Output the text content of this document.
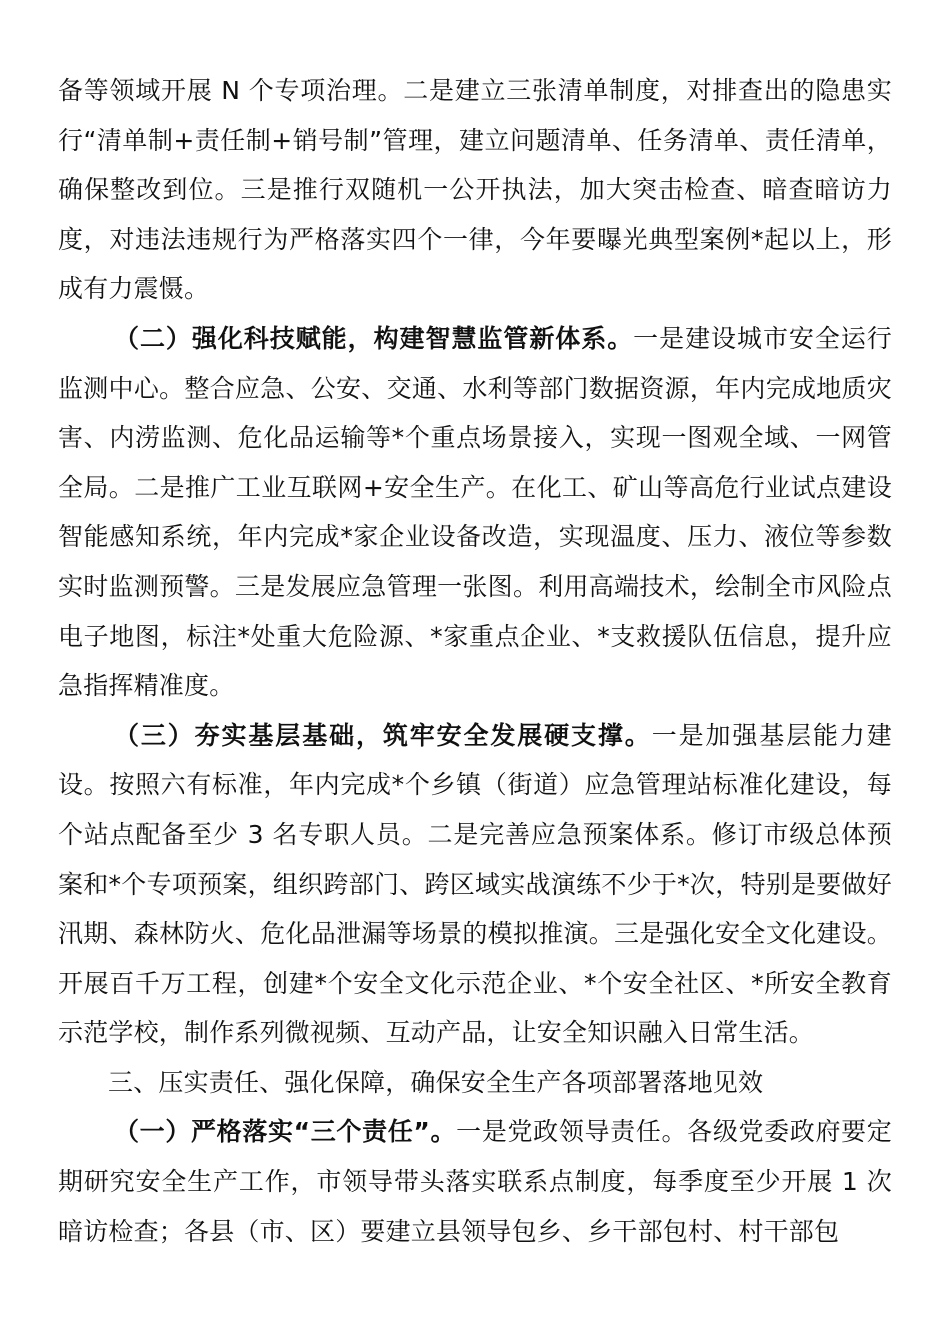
备等领域开展 N 个专项治理。二是建立三张清单制度，对排查出的隐患实行“清单制+责任制+销号制”管理，建立问题清单、任务清单、责任清单，确保整改到位。三是推行双随机一公开执法，加大突击检查、暗查暗访力度，对违法违规行为严格落实四个一律，今年要曝光典型案例*起以上，形成有力震慑。

（二）强化科技赋能，构建智慧监管新体系。一是建设城市安全运行监测中心。整合应急、公安、交通、水利等部门数据资源，年内完成地质灾害、内涝监测、危化品运输等*个重点场景接入，实现一图观全域、一网管全局。二是推广工业互联网+安全生产。在化工、矿山等高危行业试点建设智能感知系统，年内完成*家企业设备改造，实现温度、压力、液位等参数实时监测预警。三是发展应急管理一张图。利用高端技术，绘制全市风险点电子地图，标注*处重大危险源、*家重点企业、*支救援队伍信息，提升应急指挥精准度。

（三）夯实基层基础，筑牢安全发展硬支撑。一是加强基层能力建设。按照六有标准，年内完成*个乡镇（街道）应急管理站标准化建设，每个站点配备至少 3 名专职人员。二是完善应急预案体系。修订市级总体预案和*个专项预案，组织跨部门、跨区域实战演练不少于*次，特别是要做好汛期、森林防火、危化品泄漏等场景的模拟推演。三是强化安全文化建设。开展百千万工程，创建*个安全文化示范企业、*个安全社区、*所安全教育示范学校，制作系列微视频、互动产品，让安全知识融入日常生活。

三、压实责任、强化保障，确保安全生产各项部署落地见效

（一）严格落实“三个责任”。一是党政领导责任。各级党委政府要定期研究安全生产工作，市领导带头落实联系点制度，每季度至少开展 1 次暗访检查；各县（市、区）要建立县领导包乡、乡干部包村、村干部包
